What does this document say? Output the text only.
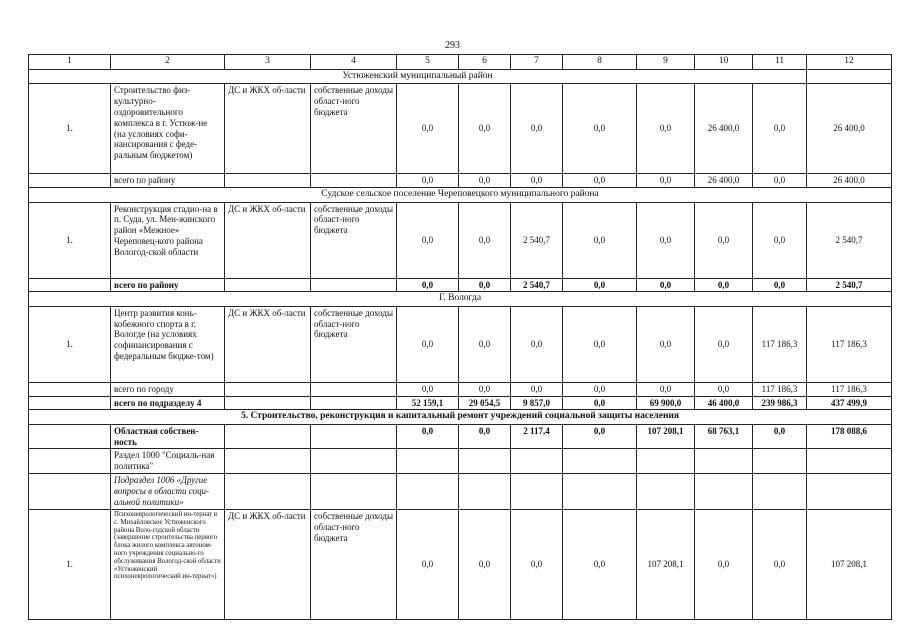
293
1	2	3	4	5	6	7	8	9	10	11	12
Устюженский муниципальный район											
1.	Строительство физ-культурно-оздоровительного комплекса в г. Устюж-не (на условиях софи-нансирования с феде-ральным бюджетом)	ДС и ЖКХ об-ласти	собственные доходы област-ного бюджета	0,0	0,0	0,0	0,0	0,0	26 400,0	0,0	26 400,0
	всего по району			0,0	0,0	0,0	0,0	0,0	26 400,0	0,0	26 400,0
Судское сельское поселение Череповецкого муниципального района											
1.	Реконструкция стадио-на в п. Суда, ул. Мен-жинского район «Межное» Череповец-кого района Вологод-ской области	ДС и ЖКХ об-ласти	собственные доходы област-ного бюджета	0,0	0,0	2 540,7	0,0	0,0	0,0	0,0	2 540,7
	всего по району			0,0	0,0	2 540,7	0,0	0,0	0,0	0,0	2 540,7
Г. Вологда											
1.	Центр развития конь-кобежного спорта в г. Вологде (на условиях софинансирования с федеральным бюдже-том)	ДС и ЖКХ об-ласти	собственные доходы област-ного бюджета	0,0	0,0	0,0	0,0	0,0	0,0	117 186,3	117 186,3
	всего по городу			0,0	0,0	0,0	0,0	0,0	0,0	117 186,3	117 186,3
	всего по подразделу 4			52 159,1	29 054,5	9 857,0	0,0	69 900,0	46 400,0	239 986,3	437 499,9
5. Строительство, реконструкция и капитальный ремонт учреждений социальной защиты населения											
	Областная собствен-ность			0,0	0,0	2 117,4	0,0	107 208,1	68 763,1	0,0	178 088,6
	Раздел 1000 "Социаль-ная политика"										
	Подраздел 1006 «Другие вопросы в области соци-альной политики»										
1.	Психоневрологический ин-тернат в с. Михайловское Устюженского района Воло-годской области (завершение строительства первого блока жилого комплекса автоном-ного учреждения социально-го обслуживания Вологод-ской области «Устюженский психоневрологический ин-тернат»)	ДС и ЖКХ об-ласти	собственные доходы област-ного бюджета	0,0	0,0	0,0	0,0	107 208,1	0,0	0,0	107 208,1
